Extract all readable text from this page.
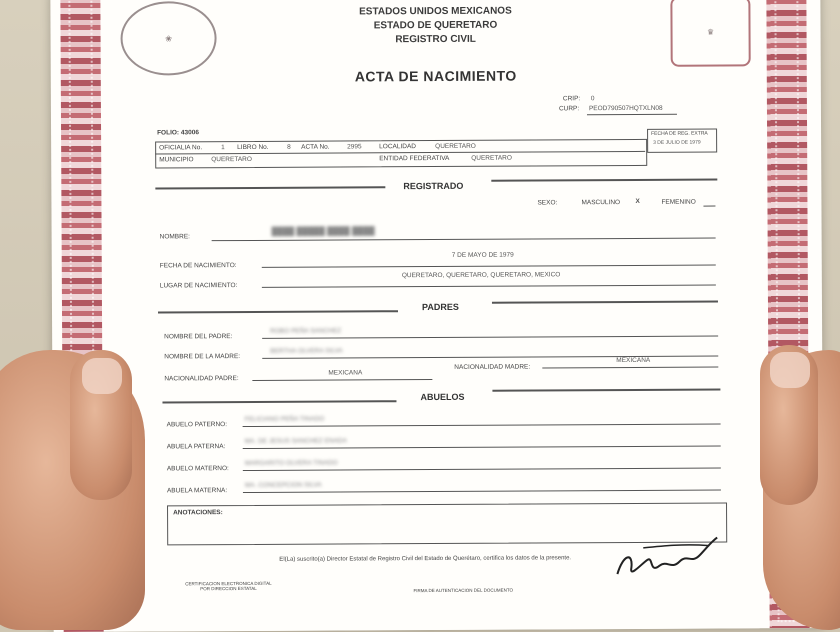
❀
♛
ESTADOS UNIDOS MEXICANOS
ESTADO DE QUERETARO
REGISTRO CIVIL
ACTA DE NACIMIENTO
CRIP: 0
CURP: PEOD790507HQTXLN08
FOLIO: 43006	FECHA DE REG. EXTRA
3 DE JULIO DE 1979
OFICIALIA No.	1 LIBRO No.	8 ACTA No.	2995	LOCALIDAD	QUERETARO
MUNICIPIO	QUERETARO	ENTIDAD FEDERATIVA	QUERETARO
REGISTRADO
SEXO:	MASCULINO X	FEMENINO
NOMBRE:
████ █████ ████ ████
FECHA DE NACIMIENTO:
7 DE MAYO DE 1979
LUGAR DE NACIMIENTO:
QUERETARO, QUERETARO, QUERETARO, MEXICO
PADRES
NOMBRE DEL PADRE:
ROBO PEÑA SANCHEZ
NOMBRE DE LA MADRE:
BERTHA OLVERA SILVA
NACIONALIDAD PADRE:
MEXICANA
NACIONALIDAD MADRE:
MEXICANA
ABUELOS
ABUELO PATERNO:
FELICIANO PEÑA TINADO
ABUELA PATERNA:
MA. DE JESUS SANCHEZ ENADA
ABUELO MATERNO:
MARGARITO OLVERA TINADO
ABUELA MATERNA:
MA. CONCEPCION SILVA
ANOTACIONES:
El(La) suscrito(a) Director Estatal de Registro Civil del Estado de Querétaro, certifica los datos de la presente.
CERTIFICACION ELECTRONICA DIGITAL POR DIRECCION ESTATAL	FIRMA DE AUTENTICACION DEL DOCUMENTO
